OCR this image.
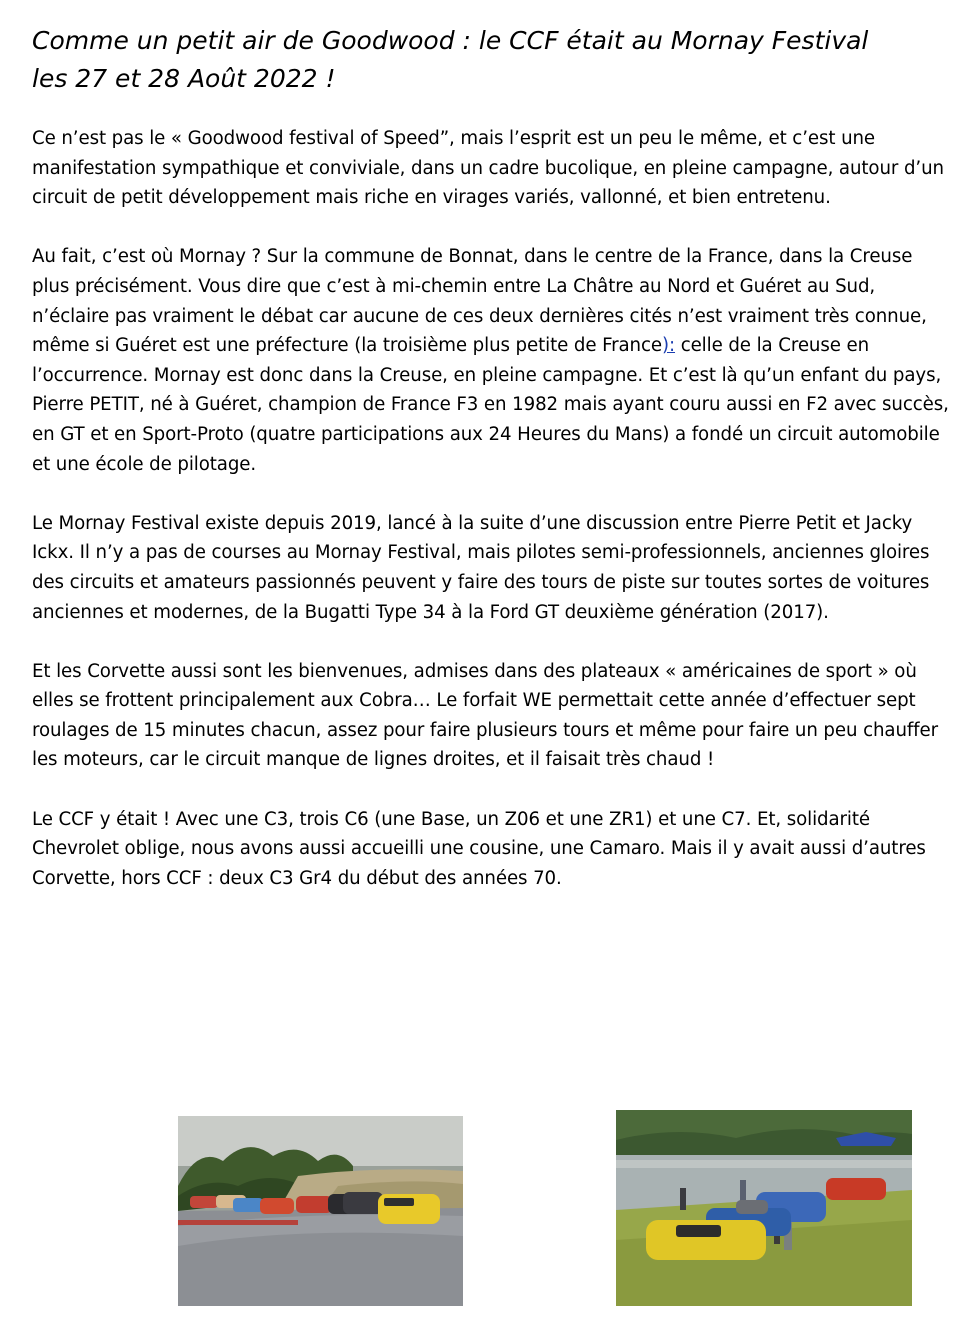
Comme un petit air de Goodwood : le CCF était au Mornay Festival
les 27 et 28 Août 2022 !

Ce n’est pas le « Goodwood festival of Speed”, mais l’esprit est un peu le même, et c’est une manifestation sympathique et conviviale, dans un cadre bucolique, en pleine campagne, autour d’un circuit de petit développement mais riche en virages variés, vallonné, et bien entretenu.

Au fait, c’est où Mornay ? Sur la commune de Bonnat, dans le centre de la France, dans la Creuse plus précisément. Vous dire que c’est à mi-chemin entre La Châtre au Nord et Guéret au Sud, n’éclaire pas vraiment le débat car aucune de ces deux dernières cités n’est vraiment très connue, même si Guéret est une préfecture (la troisième plus petite de France): celle de la Creuse en l’occurrence. Mornay est donc dans la Creuse, en pleine campagne. Et c’est là qu’un enfant du pays, Pierre PETIT, né à Guéret, champion de France F3 en 1982 mais ayant couru aussi en F2 avec succès, en GT et en Sport-Proto (quatre participations aux 24 Heures du Mans) a fondé un circuit automobile et une école de pilotage.

Le Mornay Festival existe depuis 2019, lancé à la suite d’une discussion entre Pierre Petit et Jacky Ickx. Il n’y a pas de courses au Mornay Festival, mais pilotes semi-professionnels, anciennes gloires des circuits et amateurs passionnés peuvent y faire des tours de piste sur toutes sortes de voitures anciennes et modernes, de la Bugatti Type 34 à la Ford GT deuxième génération (2017).

Et les Corvette aussi sont les bienvenues, admises dans des plateaux « américaines de sport » où elles se frottent principalement aux Cobra… Le forfait WE permettait cette année d’effectuer sept roulages de 15 minutes chacun, assez pour faire plusieurs tours et même pour faire un peu chauffer les moteurs, car le circuit manque de lignes droites, et il faisait très chaud !

Le CCF y était ! Avec une C3, trois C6 (une Base, un Z06 et une ZR1) et une C7. Et, solidarité Chevrolet oblige, nous avons aussi accueilli une cousine, une Camaro. Mais il y avait aussi d’autres Corvette, hors CCF : deux C3 Gr4 du début des années 70.
